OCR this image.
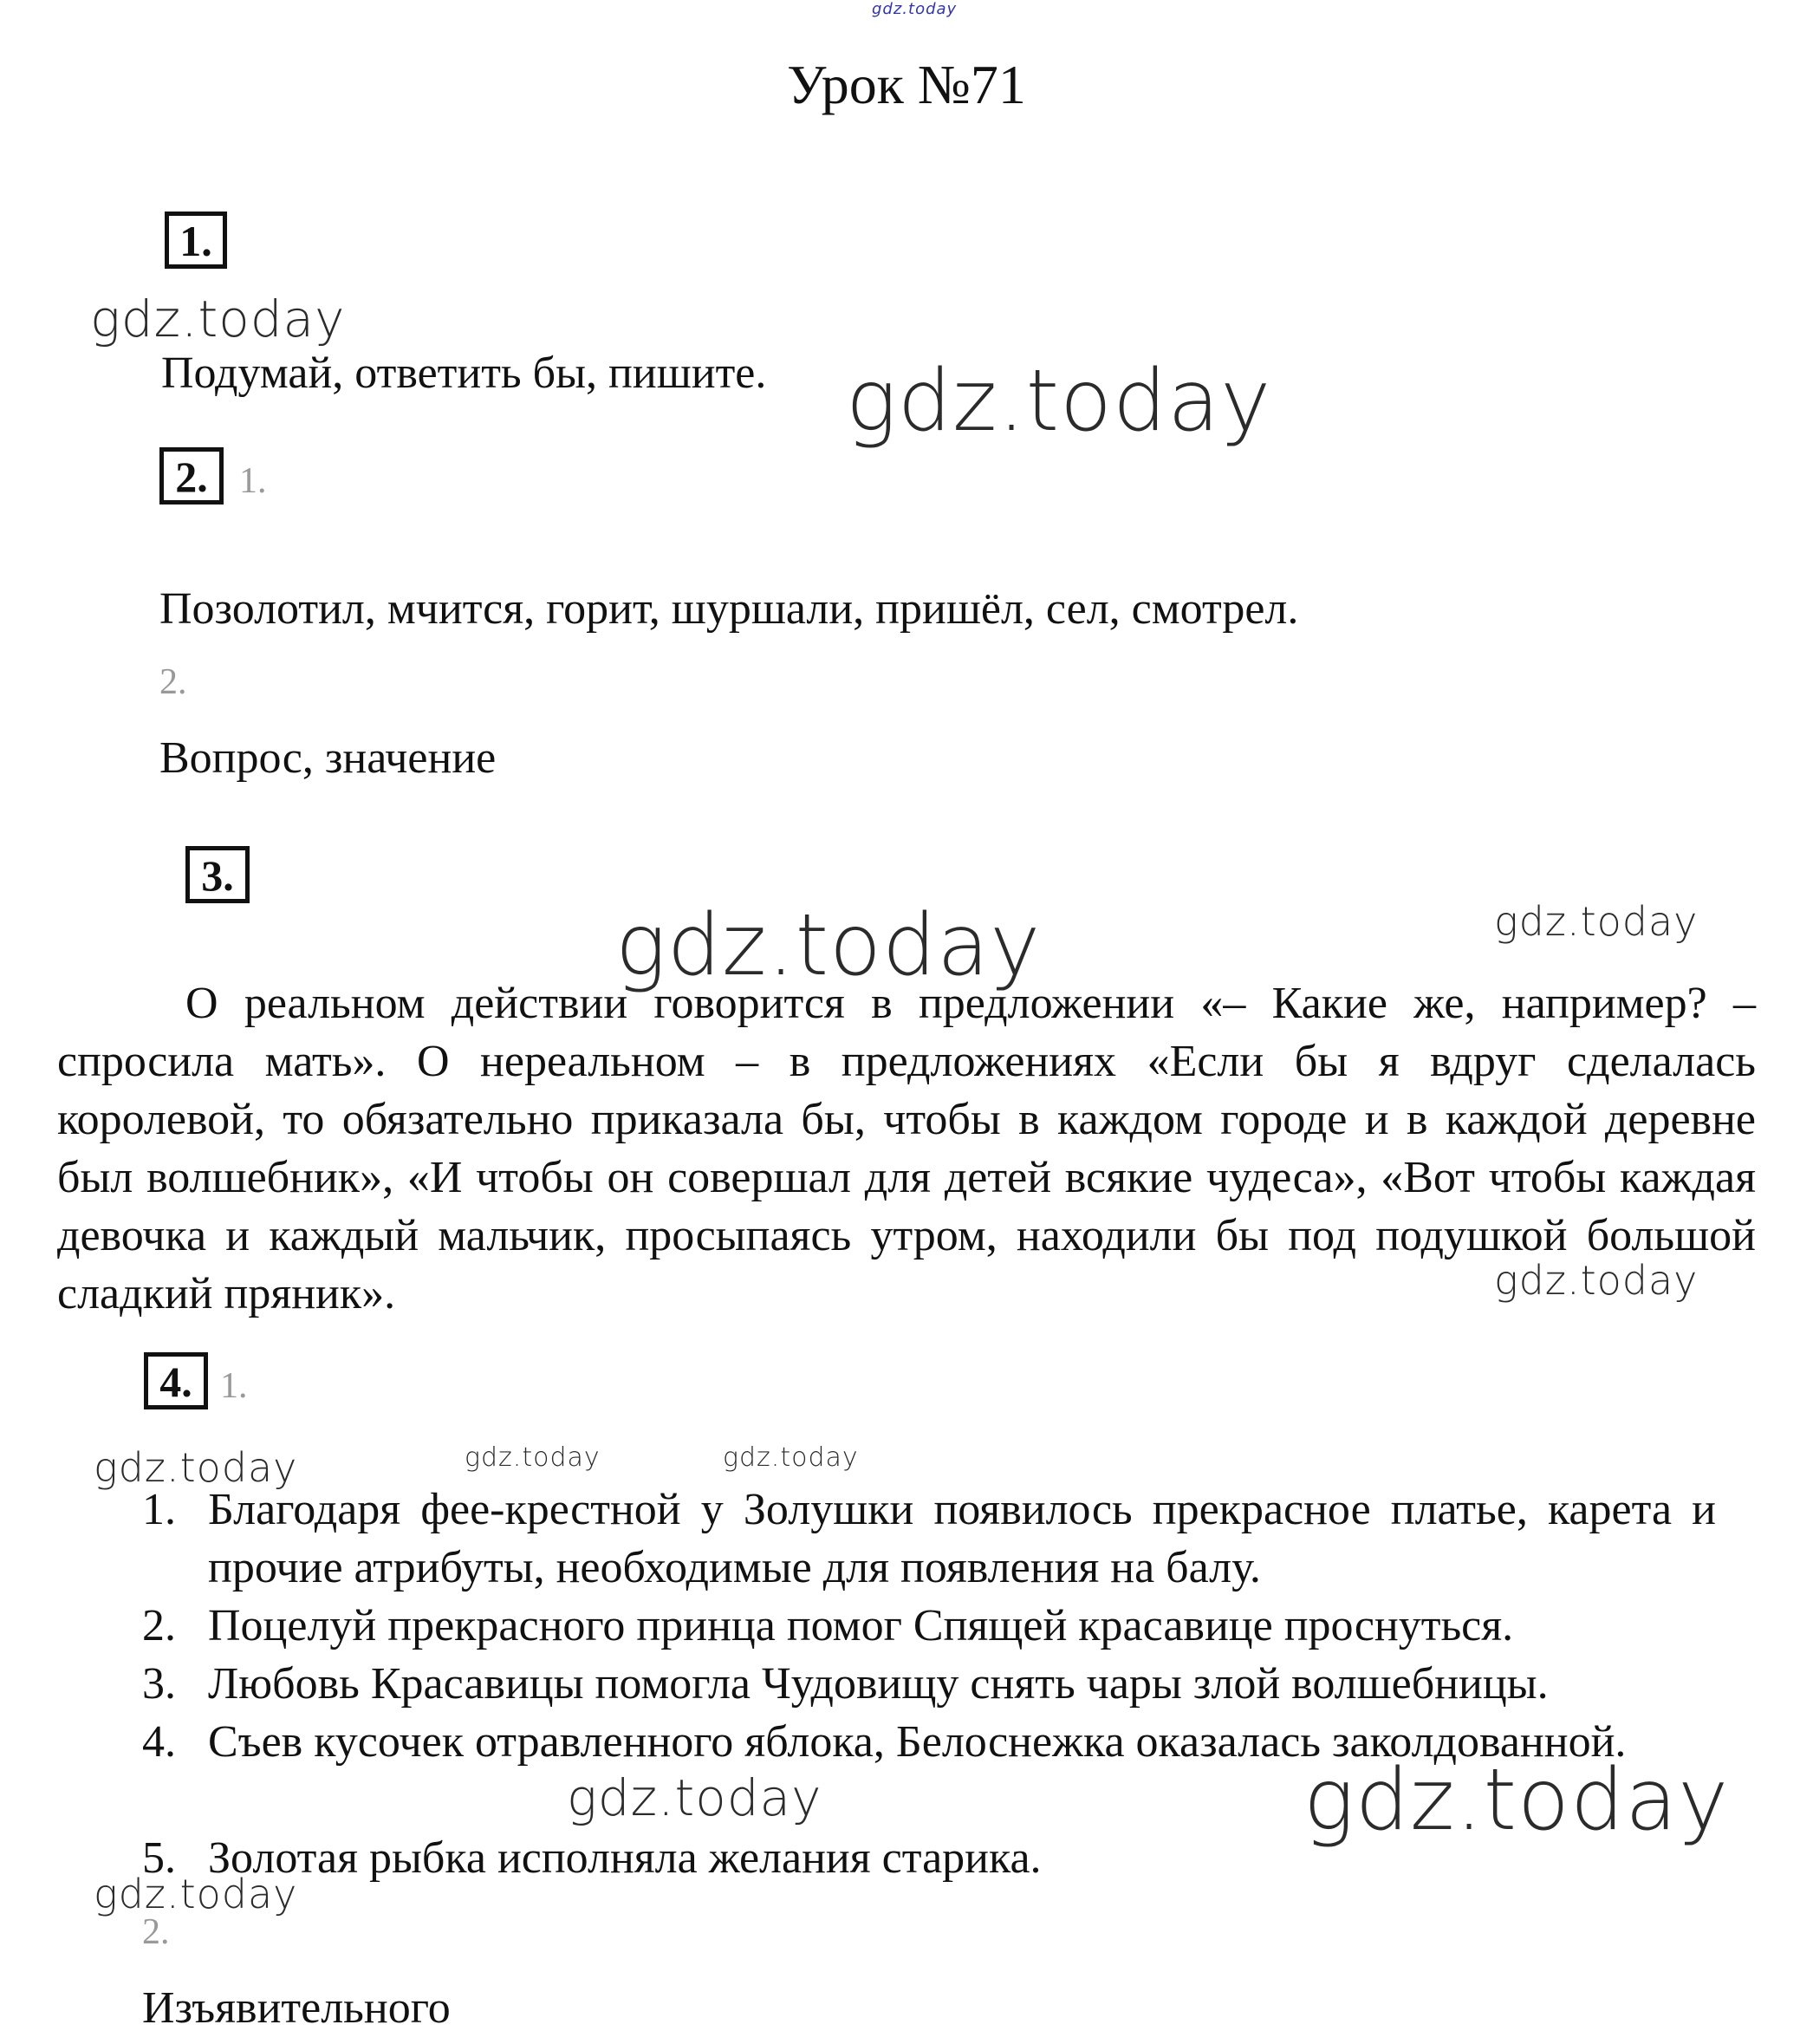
gdz.today
Урок №71
1.
Подумай, ответить бы, пишите.
2. 1.
Позолотил, мчится, горит, шуршали, пришёл, сел, смотрел.
2.
Вопрос, значение
3.
О реальном действии говорится в предложении «– Какие же, например? – спросила мать». О нереальном – в предложениях «Если бы я вдруг сделалась королевой, то обязательно приказала бы, чтобы в каждом городе и в каждой деревне был волшебник», «И чтобы он совершал для детей всякие чудеса», «Вот чтобы каждая девочка и каждый мальчик, просыпаясь утром, находили бы под подушкой большой сладкий пряник».
4. 1.
1. Благодаря фее-крестной у Золушки появилось прекрасное платье, карета и прочие атрибуты, необходимые для появления на балу.
2. Поцелуй прекрасного принца помог Спящей красавице проснуться.
3. Любовь Красавицы помогла Чудовищу снять чары злой волшебницы.
4. Съев кусочек отравленного яблока, Белоснежка оказалась заколдованной.
5. Золотая рыбка исполняла желания старика.
2.
Изъявительного
gdz.today
gdz.today
gdz.today	gdz.today
gdz.today
gdz.today	gdz.today	gdz.today
gdz.today	gdz.today
gdz.today
